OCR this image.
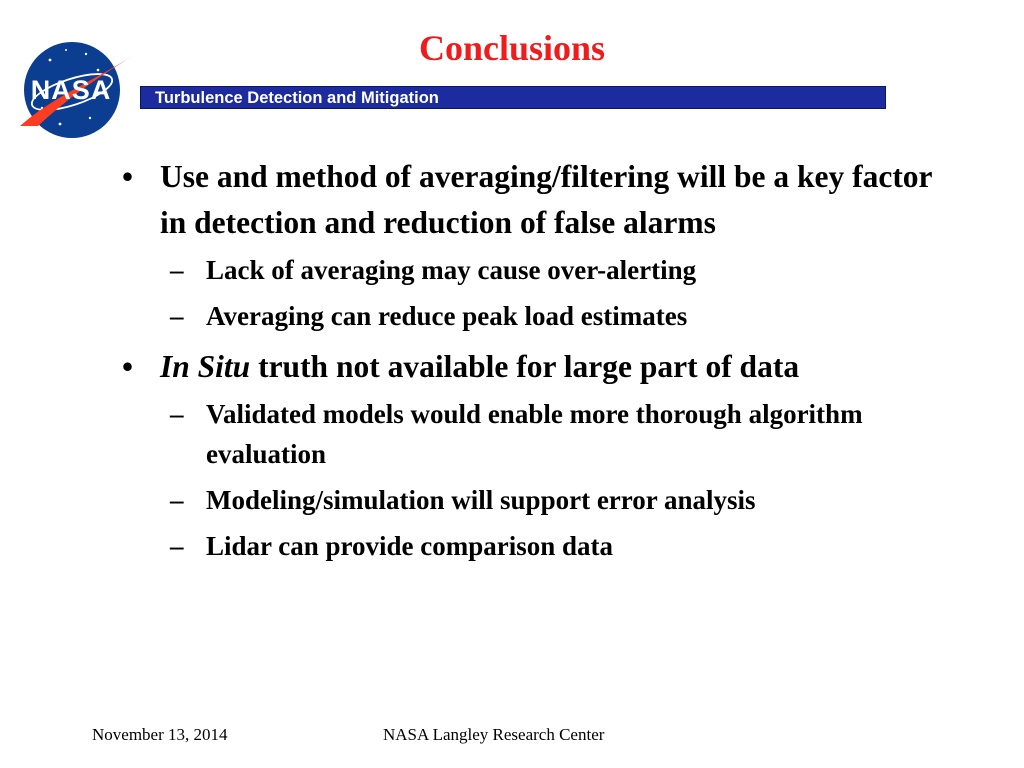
NASA
Conclusions
Turbulence Detection and Mitigation
• Use and method of averaging/filtering will be a key factor in detection and reduction of false alarms
– Lack of averaging may cause over-alerting
– Averaging can reduce peak load estimates
• In Situ truth not available for large part of data
– Validated models would enable more thorough algorithm evaluation
– Modeling/simulation will support error analysis
– Lidar can provide comparison data
November 13, 2014	NASA Langley Research Center
